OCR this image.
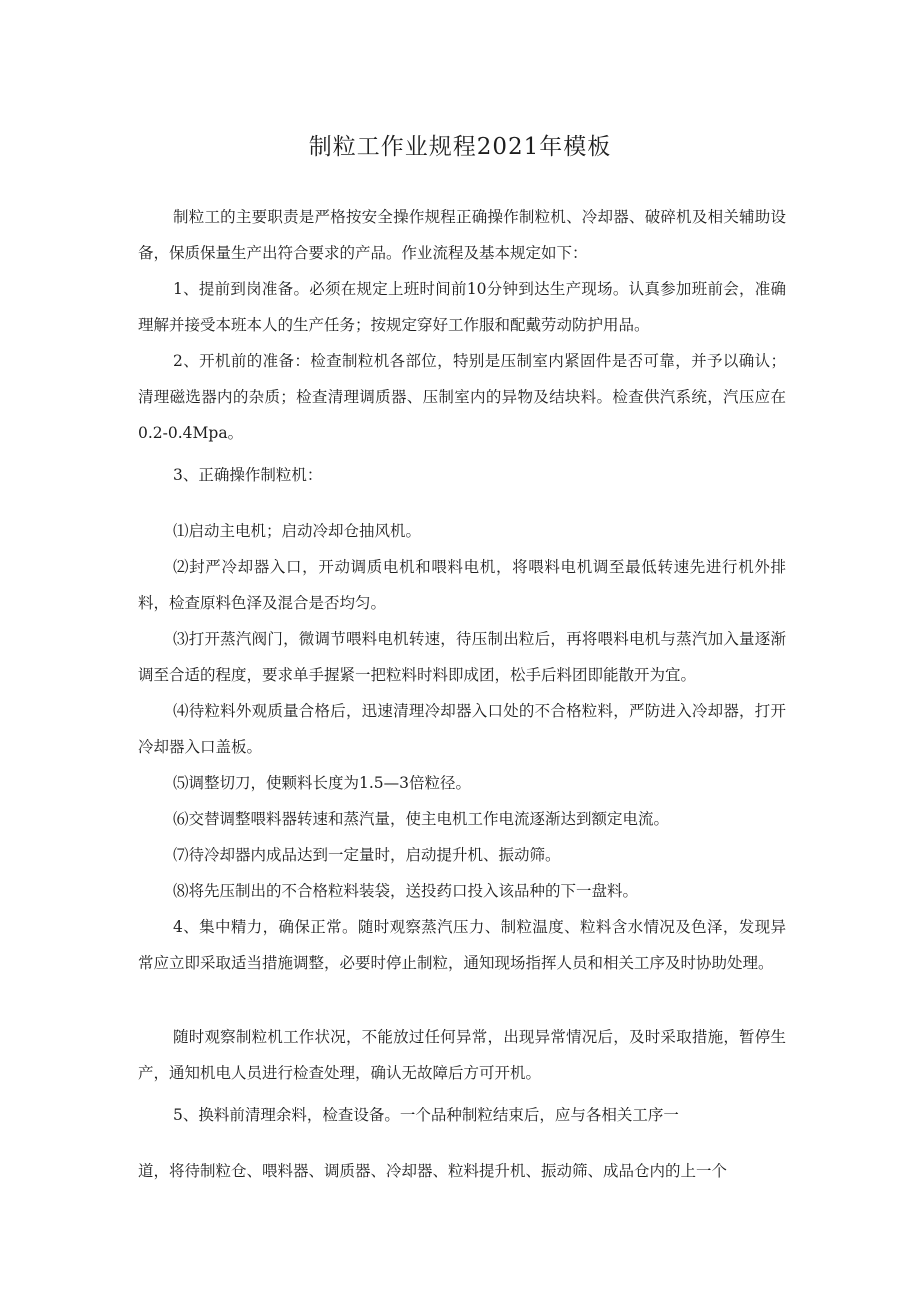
制粒工作业规程2021年模板

制粒工的主要职责是严格按安全操作规程正确操作制粒机、冷却器、破碎机及相关辅助设备，保质保量生产出符合要求的产品。作业流程及基本规定如下：

1、提前到岗准备。必须在规定上班时间前10分钟到达生产现场。认真参加班前会，准确理解并接受本班本人的生产任务；按规定穿好工作服和配戴劳动防护用品。

2、开机前的准备：检查制粒机各部位，特别是压制室内紧固件是否可靠，并予以确认；清理磁选器内的杂质；检查清理调质器、压制室内的异物及结块料。检查供汽系统，汽压应在0.2-0.4Mpa。

3、正确操作制粒机：

⑴启动主电机；启动冷却仓抽风机。

⑵封严冷却器入口，开动调质电机和喂料电机，将喂料电机调至最低转速先进行机外排料，检查原料色泽及混合是否均匀。

⑶打开蒸汽阀门，微调节喂料电机转速，待压制出粒后，再将喂料电机与蒸汽加入量逐渐调至合适的程度，要求单手握紧一把粒料时料即成团，松手后料团即能散开为宜。

⑷待粒料外观质量合格后，迅速清理冷却器入口处的不合格粒料，严防进入冷却器，打开冷却器入口盖板。

⑸调整切刀，使颗料长度为1.5—3倍粒径。

⑹交替调整喂料器转速和蒸汽量，使主电机工作电流逐渐达到额定电流。

⑺待冷却器内成品达到一定量时，启动提升机、振动筛。

⑻将先压制出的不合格粒料装袋，送投药口投入该品种的下一盘料。

4、集中精力，确保正常。随时观察蒸汽压力、制粒温度、粒料含水情况及色泽，发现异常应立即采取适当措施调整，必要时停止制粒，通知现场指挥人员和相关工序及时协助处理。

随时观察制粒机工作状况，不能放过任何异常，出现异常情况后，及时采取措施，暂停生产，通知机电人员进行检查处理，确认无故障后方可开机。

5、换料前清理余料，检查设备。一个品种制粒结束后，应与各相关工序一

道，将待制粒仓、喂料器、调质器、冷却器、粒料提升机、振动筛、成品仓内的上一个
